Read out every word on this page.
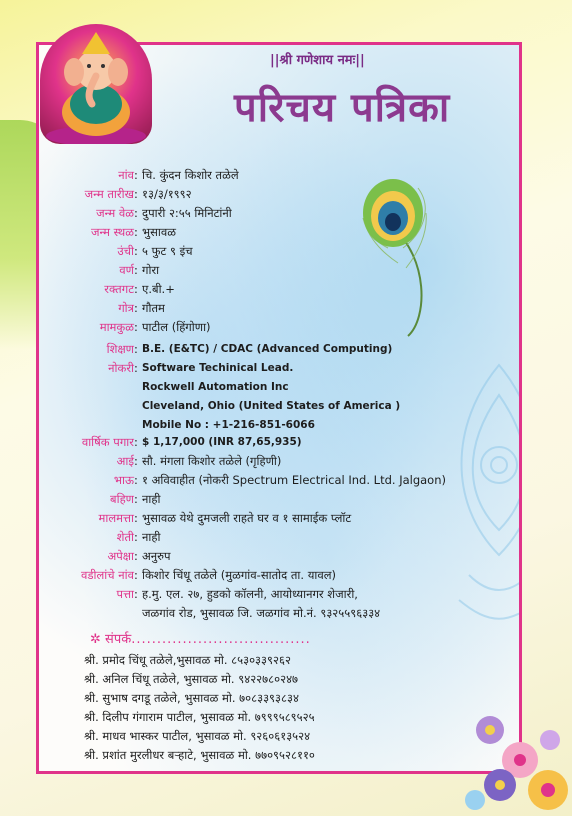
||श्री गणेशाय नमः||
परिचय पत्रिका
नांव : चि. कुंदन किशोर तळेले
जन्म तारीख : १३/३/१९९२
जन्म वेळ : दुपारी २:५५ मिनिटांनी
जन्म स्थळ : भुसावळ
उंची : ५ फुट ९ इंच
वर्ण : गोरा
रक्तगट : ए.बी.+
गोत्र : गौतम
मामकुळ : पाटील (हिंगोणा)
शिक्षण : B.E. (E&TC) / CDAC (Advanced Computing)
नोकरी : Software Techinical Lead.
Rockwell Automation Inc
Cleveland, Ohio (United States of America )
Mobile No : +1-216-851-6066
वार्षिक पगार : $ 1,17,000 (INR 87,65,935)
आई : सौ. मंगला किशोर तळेले (गृहिणी)
भाऊ : १ अविवाहीत (नोकरी Spectrum Electrical Ind. Ltd. Jalgaon)
बहिण : नाही
मालमत्ता : भुसावळ येथे दुमजली राहते घर व १ सामाईक प्लॉट
शेती : नाही
अपेक्षा : अनुरुप
वडीलांचे नांव : किशोर चिंधू तळेले (मुळगांव-सातोद ता. यावल)
पत्ता : ह.मु. एल. २७, हुडको कॉलनी, आयोध्यानगर शेजारी,
जळगांव रोड, भुसावळ जि. जळगांव मो.नं. ९३२५५९६३३४
✲ संपर्क...................................
श्री. प्रमोद चिंधू तळेले,भुसावळ मो. ८५३०३३९२६२
श्री. अनिल चिंधू तळेले, भुसावळ मो. ९४२२७८०२४७
श्री. सुभाष दगडू तळेले, भुसावळ मो. ७०८३३९३८३४
श्री. दिलीप गंगाराम पाटील, भुसावळ मो. ७९९९५८९५२५
श्री. माधव भास्कर पाटील, भुसावळ मो. ९२६०६१३५२४
श्री. प्रशांत मुरलीधर बऱ्हाटे, भुसावळ मो. ७७०९५२८११०
